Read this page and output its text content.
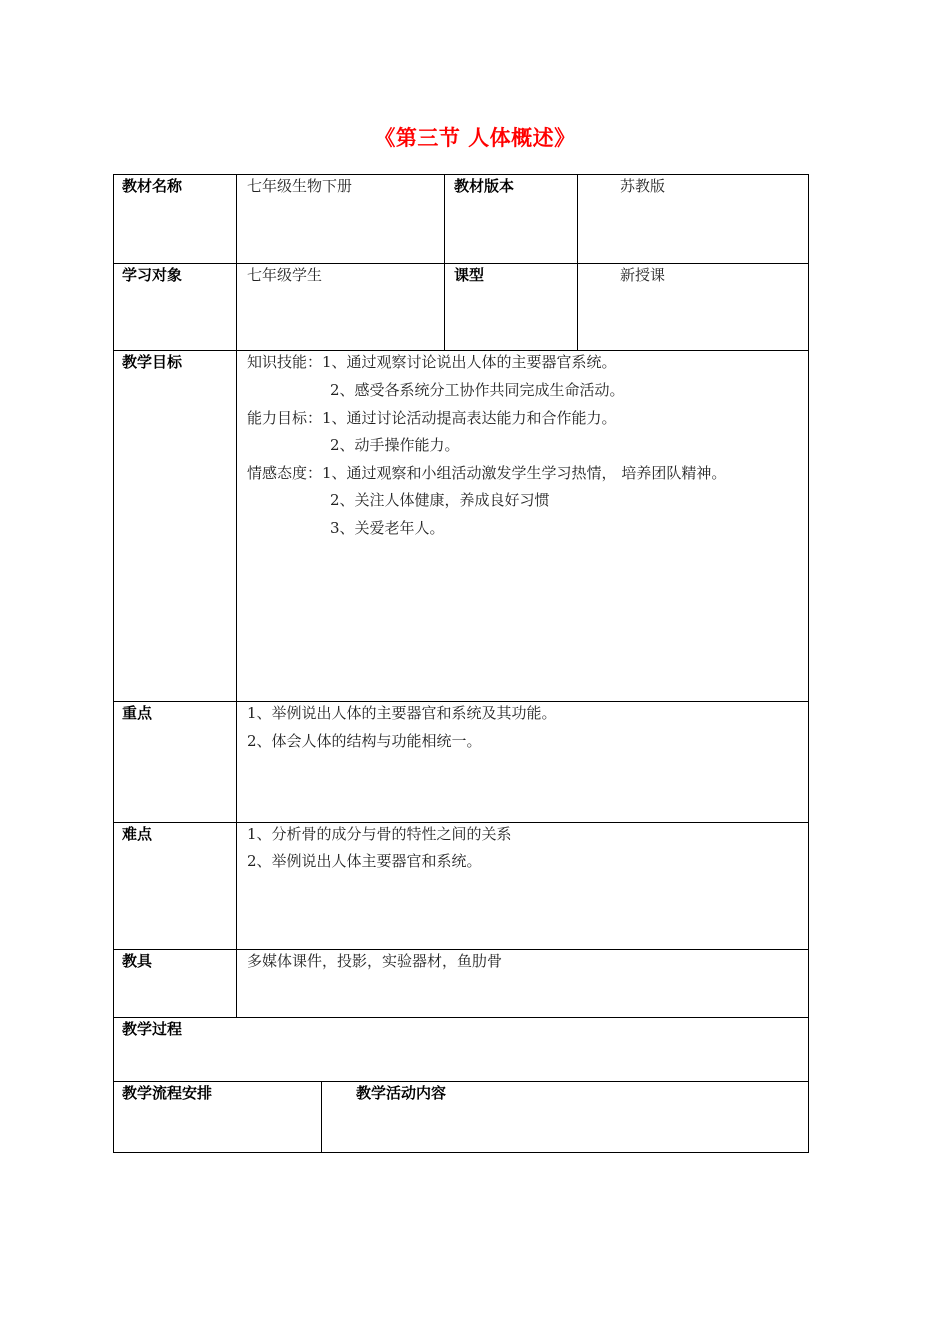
《第三节 人体概述》
教材名称	七年级生物下册	教材版本	苏教版
学习对象	七年级学生	课型	新授课
教学目标	知识技能：1、通过观察讨论说出人体的主要器官系统。
2、感受各系统分工协作共同完成生命活动。
能力目标：1、通过讨论活动提高表达能力和合作能力。
2、动手操作能力。
情感态度：1、通过观察和小组活动激发学生学习热情， 培养团队精神。
2、关注人体健康，养成良好习惯
3、关爱老年人。
重点	1、举例说出人体的主要器官和系统及其功能。
2、体会人体的结构与功能相统一。
难点	1、分析骨的成分与骨的特性之间的关系
2、举例说出人体主要器官和系统。
教具	多媒体课件，投影，实验器材，鱼肋骨
教学过程
教学流程安排	教学活动内容
